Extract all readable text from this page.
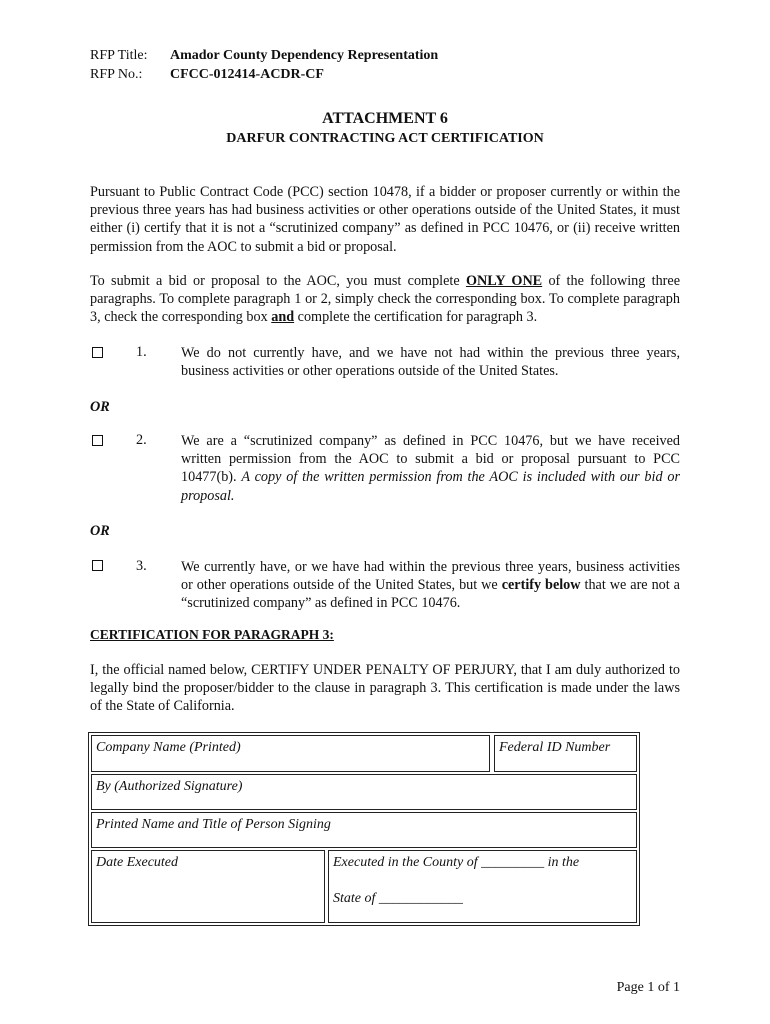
RFP Title: Amador County Dependency Representation
RFP No.: CFCC-012414-ACDR-CF
ATTACHMENT 6
DARFUR CONTRACTING ACT CERTIFICATION
Pursuant to Public Contract Code (PCC) section 10478, if a bidder or proposer currently or within the previous three years has had business activities or other operations outside of the United States, it must either (i) certify that it is not a “scrutinized company” as defined in PCC 10476, or (ii) receive written permission from the AOC to submit a bid or proposal.
To submit a bid or proposal to the AOC, you must complete ONLY ONE of the following three paragraphs. To complete paragraph 1 or 2, simply check the corresponding box. To complete paragraph 3, check the corresponding box and complete the certification for paragraph 3.
1. We do not currently have, and we have not had within the previous three years, business activities or other operations outside of the United States.
OR
2. We are a “scrutinized company” as defined in PCC 10476, but we have received written permission from the AOC to submit a bid or proposal pursuant to PCC 10477(b). A copy of the written permission from the AOC is included with our bid or proposal.
OR
3. We currently have, or we have had within the previous three years, business activities or other operations outside of the United States, but we certify below that we are not a “scrutinized company” as defined in PCC 10476.
CERTIFICATION FOR PARAGRAPH 3:
I, the official named below, CERTIFY UNDER PENALTY OF PERJURY, that I am duly authorized to legally bind the proposer/bidder to the clause in paragraph 3. This certification is made under the laws of the State of California.
Company Name (Printed)	Federal ID Number
By (Authorized Signature)
Printed Name and Title of Person Signing
Date Executed	Executed in the County of _________ in the
State of ____________
Page 1 of 1
